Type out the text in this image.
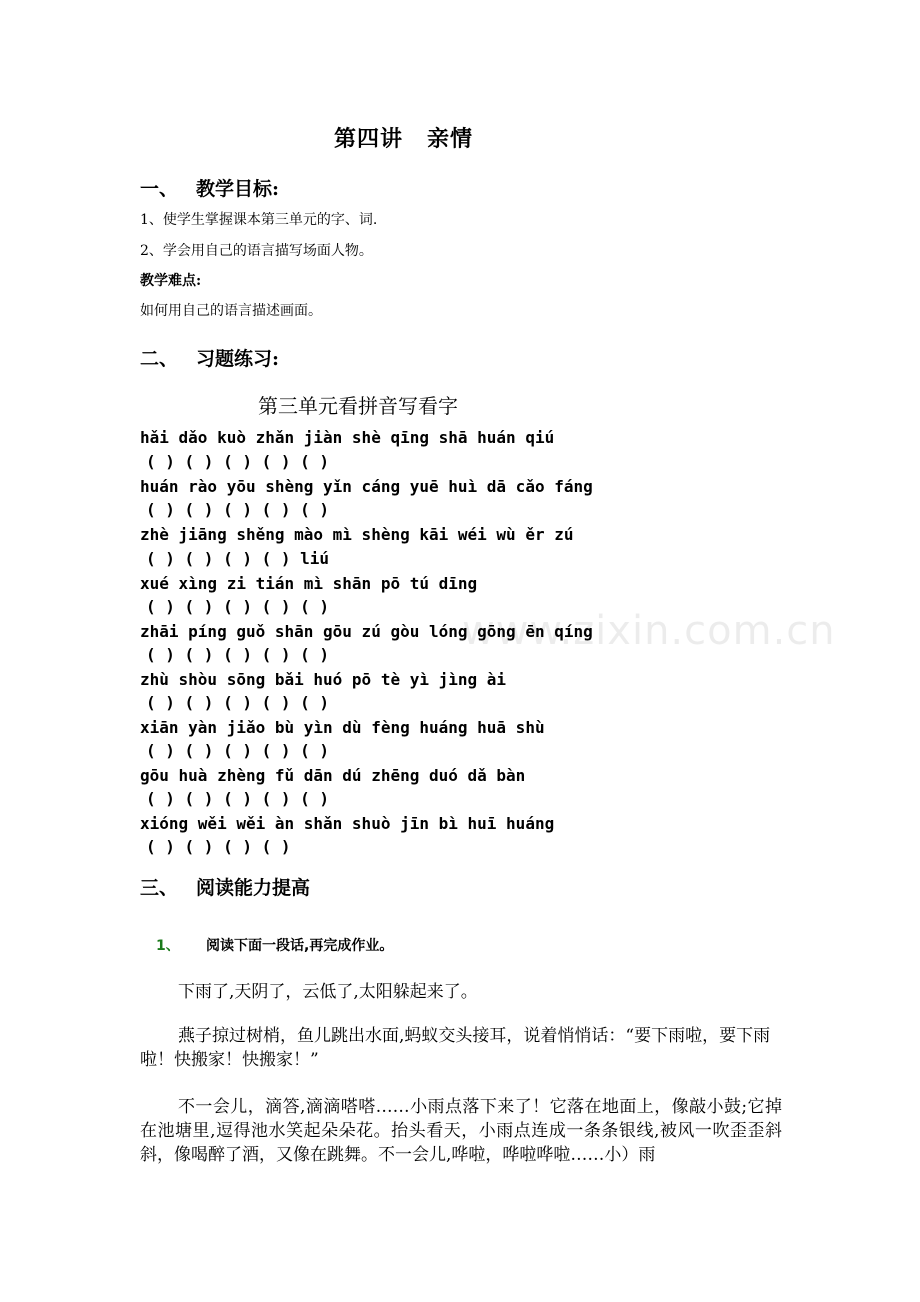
第四讲 亲情
一、 教学目标:
1、使学生掌握课本第三单元的字、词.
2、学会用自己的语言描写场面人物。
教学难点:
如何用自己的语言描述画面。
二、 习题练习:
第三单元看拼音写看字
hǎi dǎo kuò zhǎn jiàn shè qīng shā huán qiú
( ) ( ) ( ) ( ) ( )
huán rào yōu shèng yǐn cáng yuē huì dā cǎo fáng
( ) ( ) ( ) ( ) ( )
zhè jiāng shěng mào mì shèng kāi wéi wù ěr zú
( ) ( ) ( ) ( ) liú
xué xìng zi tián mì shān pō tú dīng
( ) ( ) ( ) ( ) ( )
zhāi píng guǒ shān gōu zú gòu lóng gōng ēn qíng
( ) ( ) ( ) ( ) ( )
zhù shòu sōng bǎi huó pō tè yì jìng ài
( ) ( ) ( ) ( ) ( )
xiān yàn jiǎo bù yìn dù fèng huáng huā shù
( ) ( ) ( ) ( ) ( )
gōu huà zhèng fǔ dān dú zhēng duó dǎ bàn
( ) ( ) ( ) ( ) ( )
xióng wěi wěi àn shǎn shuò jīn bì huī huáng
( ) ( ) ( ) ( )
www.zixin.com.cn
三、 阅读能力提高
1、 阅读下面一段话,再完成作业。
下雨了,天阴了，云低了,太阳躲起来了。
燕子掠过树梢，鱼儿跳出水面,蚂蚁交头接耳，说着悄悄话：“要下雨啦，要下雨啦！快搬家！快搬家！”
不一会儿，滴答,滴滴嗒嗒……小雨点落下来了！它落在地面上，像敲小鼓;它掉在池塘里,逗得池水笑起朵朵花。抬头看天，小雨点连成一条条银线,被风一吹歪歪斜斜，像喝醉了酒，又像在跳舞。不一会儿,哗啦，哗啦哗啦……小）雨
